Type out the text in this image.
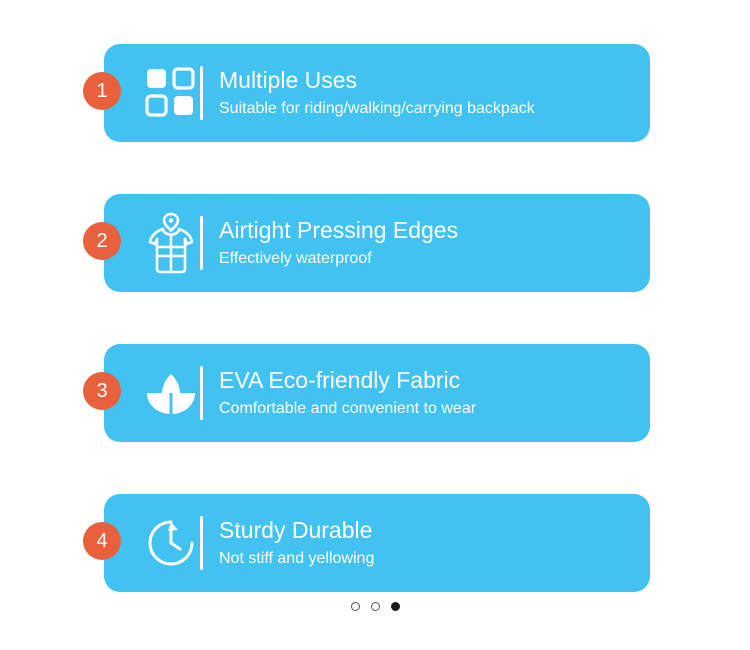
1	Multiple Uses
Suitable for riding/walking/carrying backpack
2	Airtight Pressing Edges
Effectively waterproof
3	EVA Eco-friendly Fabric
Comfortable and convenient to wear
4	Sturdy Durable
Not stiff and yellowing
